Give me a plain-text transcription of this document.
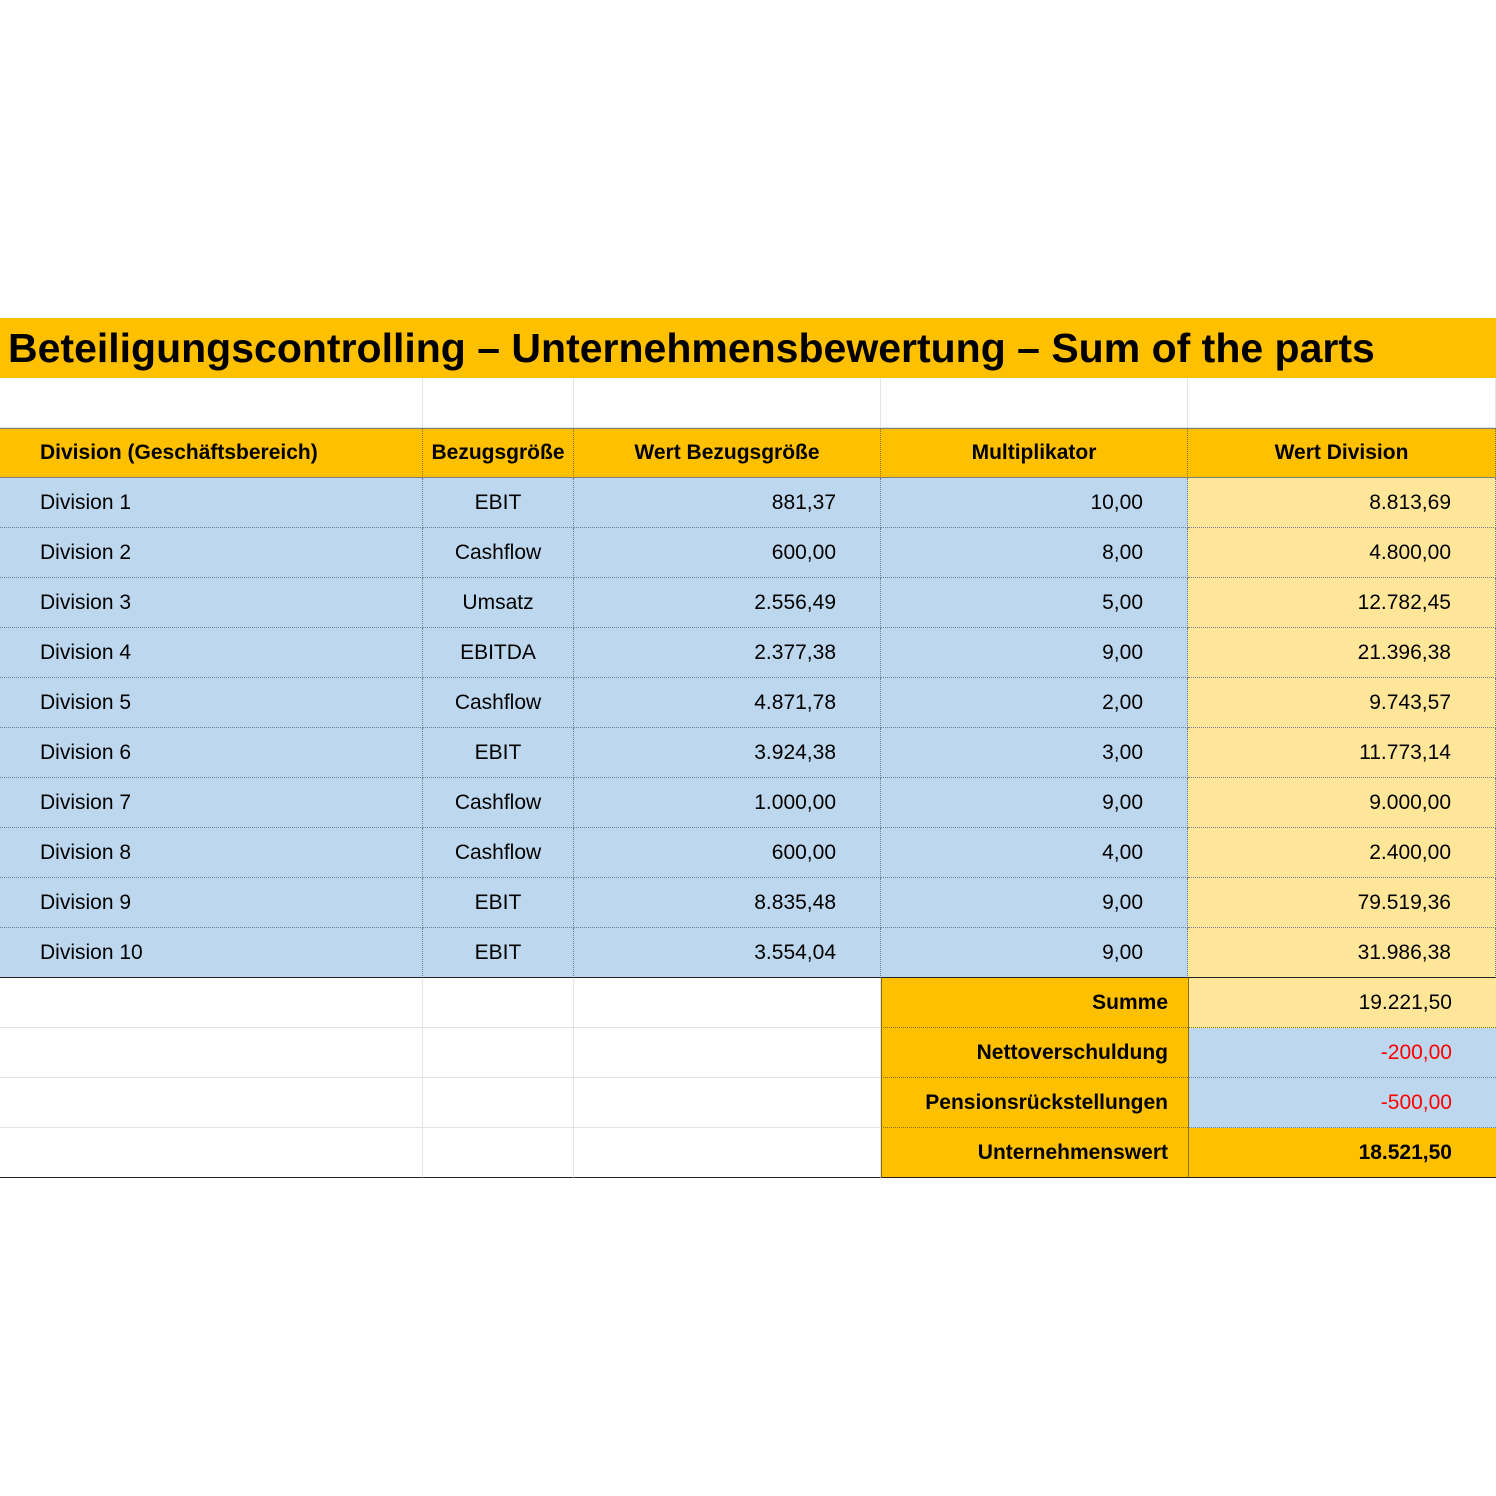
Beteiligungscontrolling – Unternehmensbewertung – Sum of the parts
Division (Geschäftsbereich)	Bezugsgröße	Wert Bezugsgröße	Multiplikator	Wert Division
Division 1	EBIT	881,37	10,00	8.813,69
Division 2	Cashflow	600,00	8,00	4.800,00
Division 3	Umsatz	2.556,49	5,00	12.782,45
Division 4	EBITDA	2.377,38	9,00	21.396,38
Division 5	Cashflow	4.871,78	2,00	9.743,57
Division 6	EBIT	3.924,38	3,00	11.773,14
Division 7	Cashflow	1.000,00	9,00	9.000,00
Division 8	Cashflow	600,00	4,00	2.400,00
Division 9	EBIT	8.835,48	9,00	79.519,36
Division 10	EBIT	3.554,04	9,00	31.986,38
Summe	19.221,50
Nettoverschuldung	-200,00
Pensionsrückstellungen	-500,00
Unternehmenswert	18.521,50
